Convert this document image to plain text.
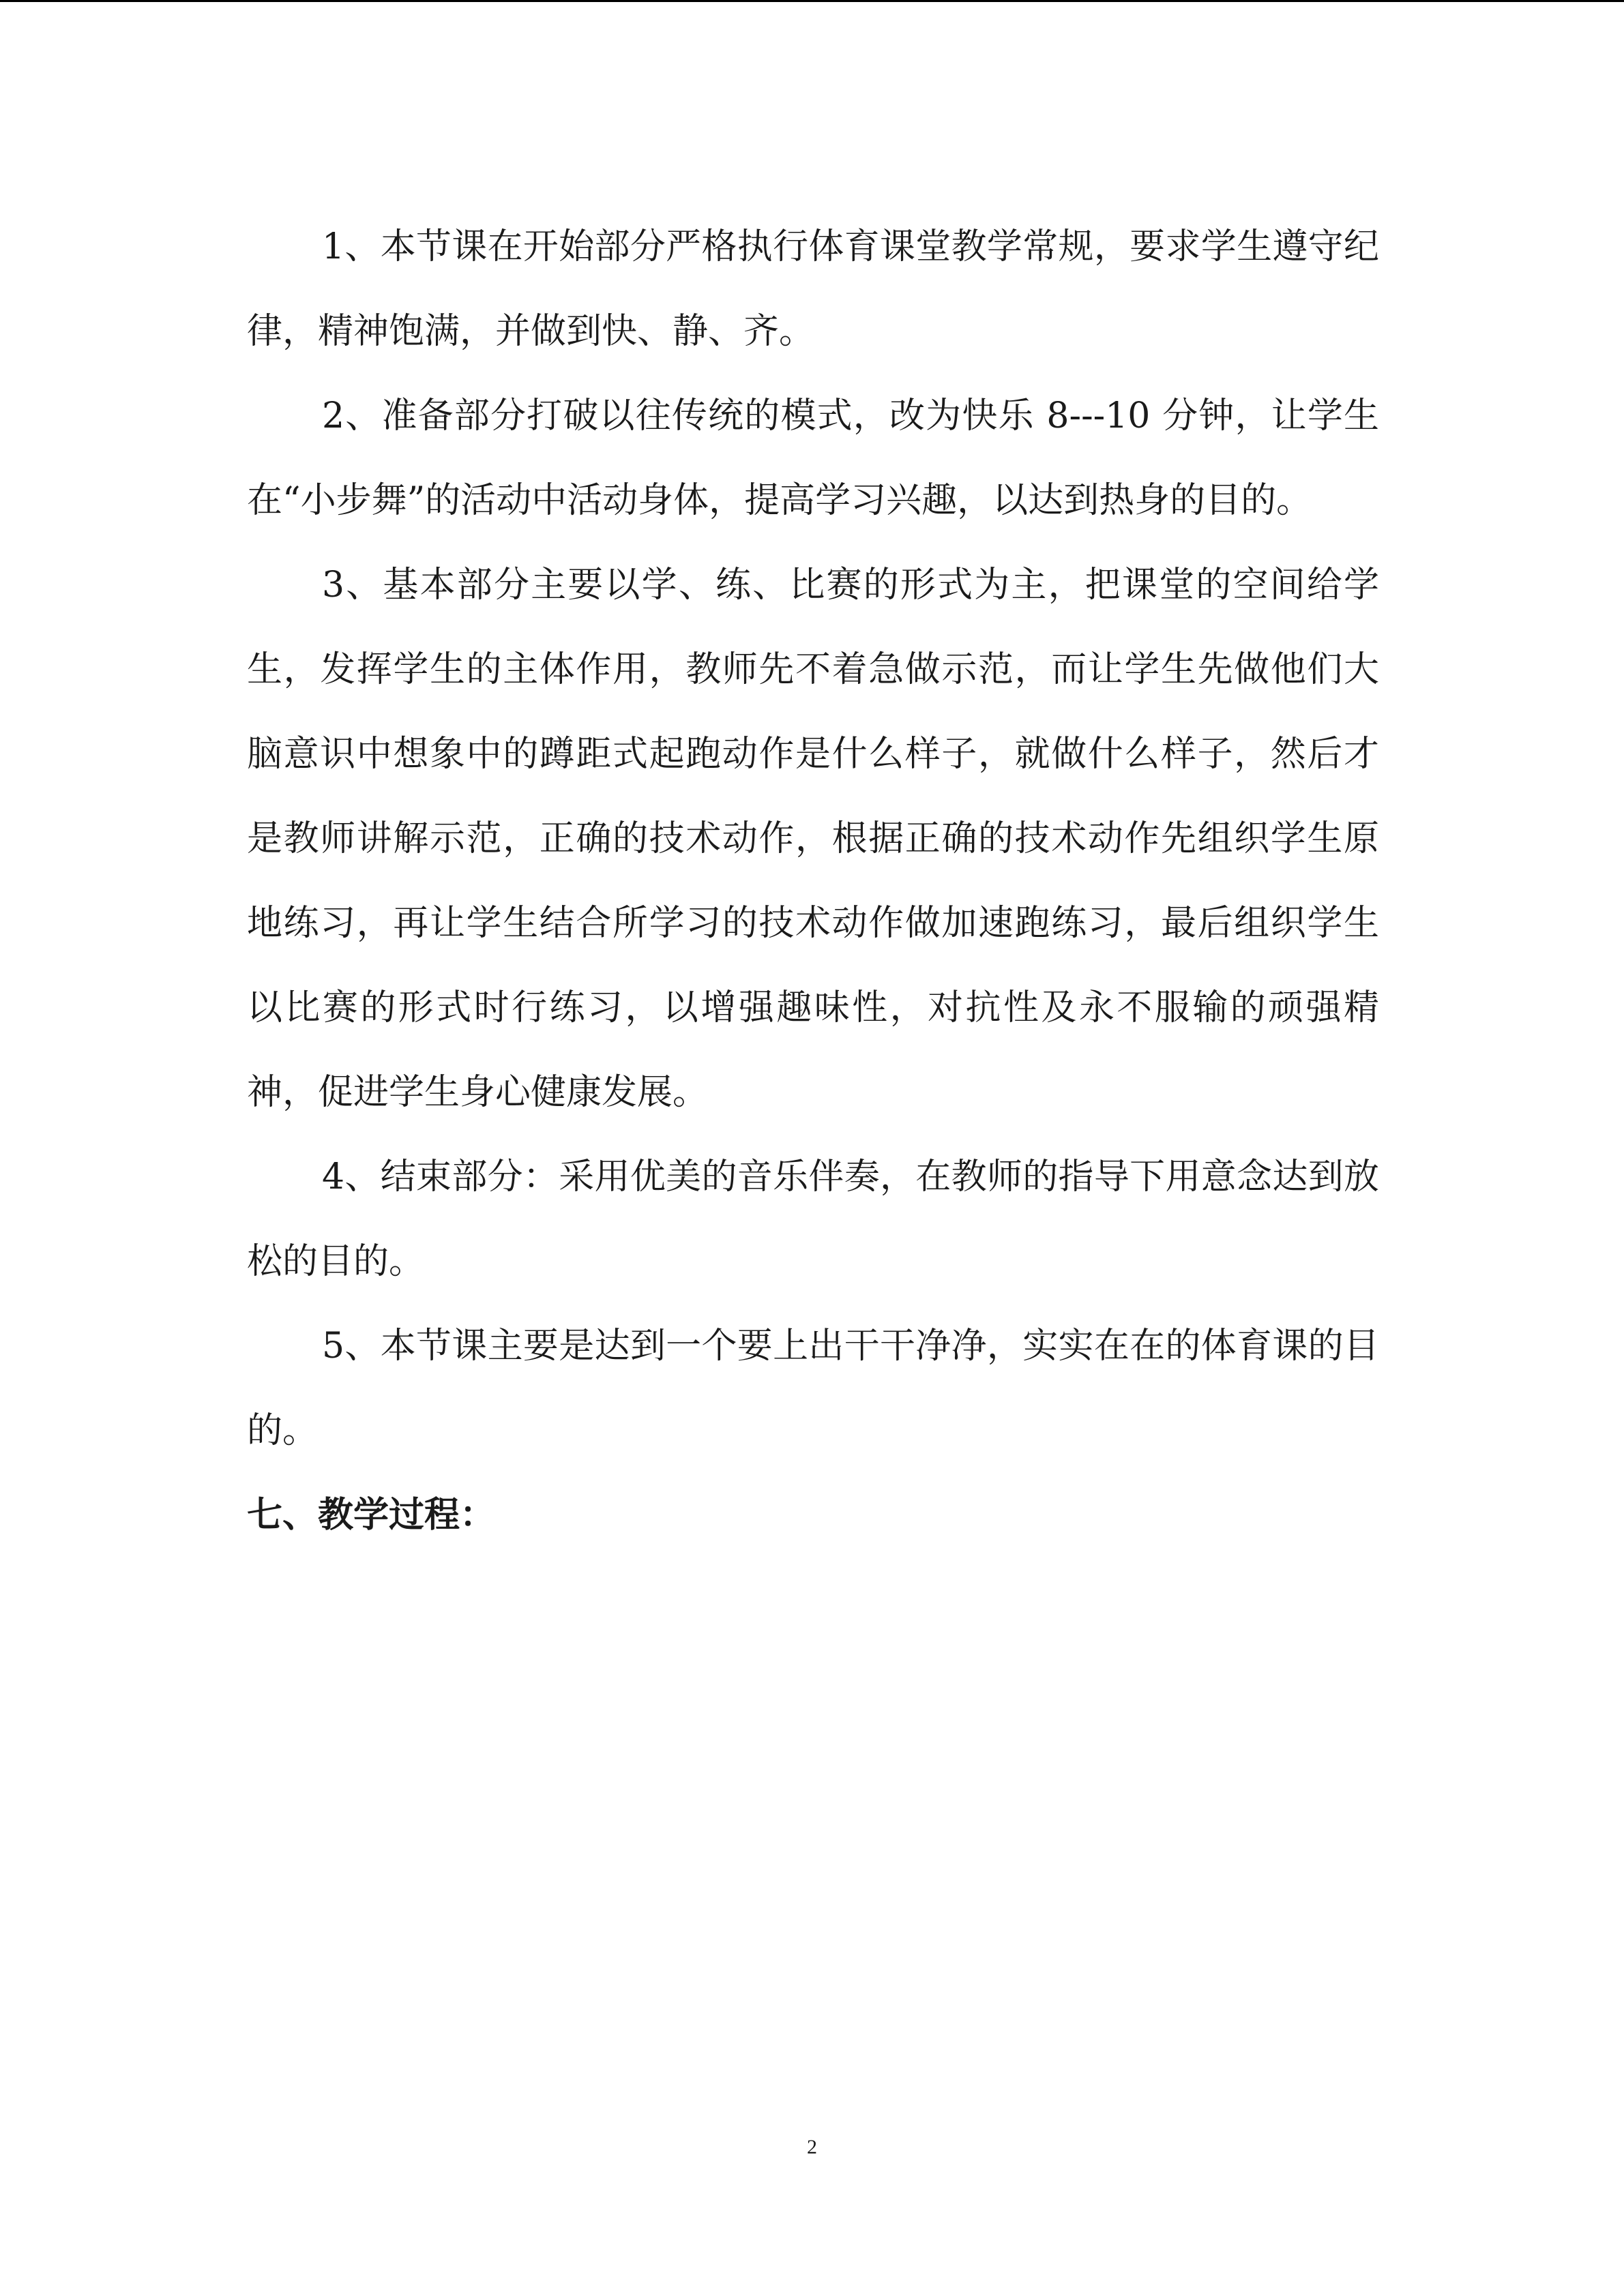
1、本节课在开始部分严格执行体育课堂教学常规，要求学生遵守纪律，精神饱满，并做到快、静、齐。

2、准备部分打破以往传统的模式，改为快乐 8---10 分钟，让学生在“小步舞”的活动中活动身体，提高学习兴趣，以达到热身的目的。

3、基本部分主要以学、练、比赛的形式为主，把课堂的空间给学生，发挥学生的主体作用，教师先不着急做示范，而让学生先做他们大脑意识中想象中的蹲距式起跑动作是什么样子，就做什么样子，然后才是教师讲解示范，正确的技术动作，根据正确的技术动作先组织学生原地练习，再让学生结合所学习的技术动作做加速跑练习，最后组织学生以比赛的形式时行练习，以增强趣味性，对抗性及永不服输的顽强精神，促进学生身心健康发展。

4、结束部分：采用优美的音乐伴奏，在教师的指导下用意念达到放松的目的。

5、本节课主要是达到一个要上出干干净净，实实在在的体育课的目的。

七、教学过程：

2
